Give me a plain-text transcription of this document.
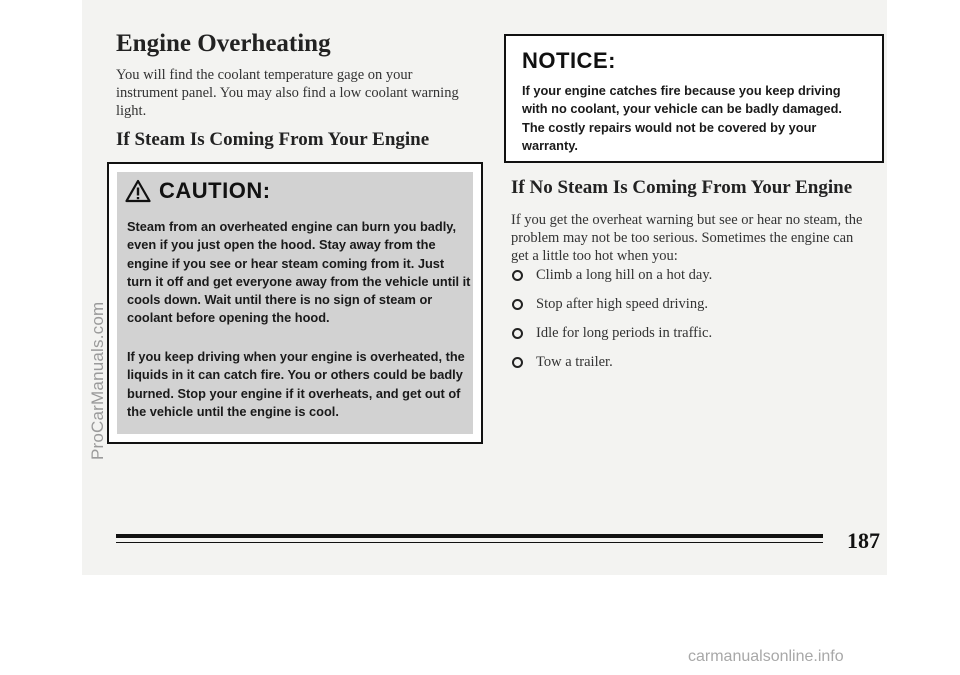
ProCarManuals.com
Engine Overheating

You will find the coolant temperature gage on your instrument panel. You may also find a low coolant warning light.

If Steam Is Coming From Your Engine
CAUTION:

Steam from an overheated engine can burn you badly, even if you just open the hood. Stay away from the engine if you see or hear steam coming from it. Just turn it off and get everyone away from the vehicle until it cools down. Wait until there is no sign of steam or coolant before opening the hood.

If you keep driving when your engine is overheated, the liquids in it can catch fire. You or others could be badly burned. Stop your engine if it overheats, and get out of the vehicle until the engine is cool.

NOTICE:

If your engine catches fire because you keep driving with no coolant, your vehicle can be badly damaged. The costly repairs would not be covered by your warranty.

If No Steam Is Coming From Your Engine

If you get the overheat warning but see or hear no steam, the problem may not be too serious. Sometimes the engine can get a little too hot when you:

Climb a long hill on a hot day.
Stop after high speed driving.
Idle for long periods in traffic.
Tow a trailer.

187

carmanualsonline.info
